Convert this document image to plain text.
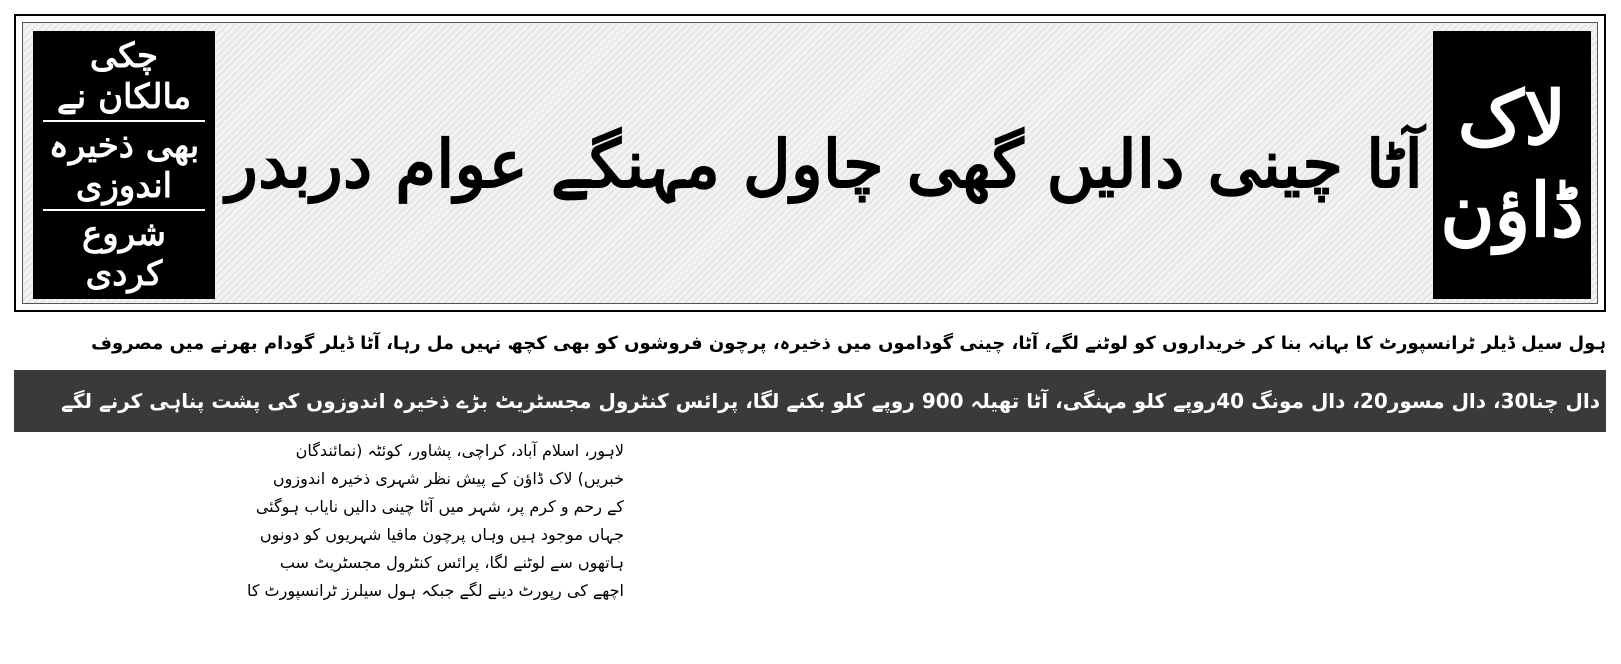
لاک
ڈاؤن
آٹا چینی دالیں گھی چاول مہنگے عوام دربدر
چکی مالکان نے
بھی ذخیرہ اندوزی
شروع کردی
ہول سیل ڈیلر ٹرانسپورٹ کا بہانہ بنا کر خریداروں کو لوٹنے لگے، آٹا، چینی گوداموں میں ذخیرہ، پرچون فروشوں کو بھی کچھ نہیں مل رہا، آٹا ڈیلر گودام بھرنے میں مصروف
دال چنا30، دال مسور20، دال مونگ 40روپے کلو مہنگی، آٹا تھیلہ 900 روپے کلو بکنے لگا، پرائس کنٹرول مجسٹریٹ بڑے ذخیرہ اندوزوں کی پشت پناہی کرنے لگے
لاہور، اسلام آباد، کراچی، پشاور، کوئٹہ (نمائندگان
خبریں) لاک ڈاؤن کے پیش نظر شہری ذخیرہ اندوزوں
کے رحم و کرم پر، شہر میں آٹا چینی دالیں نایاب ہوگئی
جہاں موجود ہیں وہاں پرچون مافیا شہریوں کو دونوں
ہاتھوں سے لوٹنے لگا، پرائس کنٹرول مجسٹریٹ سب
اچھے کی رپورٹ دینے لگے جبکہ ہول سیلرز ٹرانسپورٹ کا
